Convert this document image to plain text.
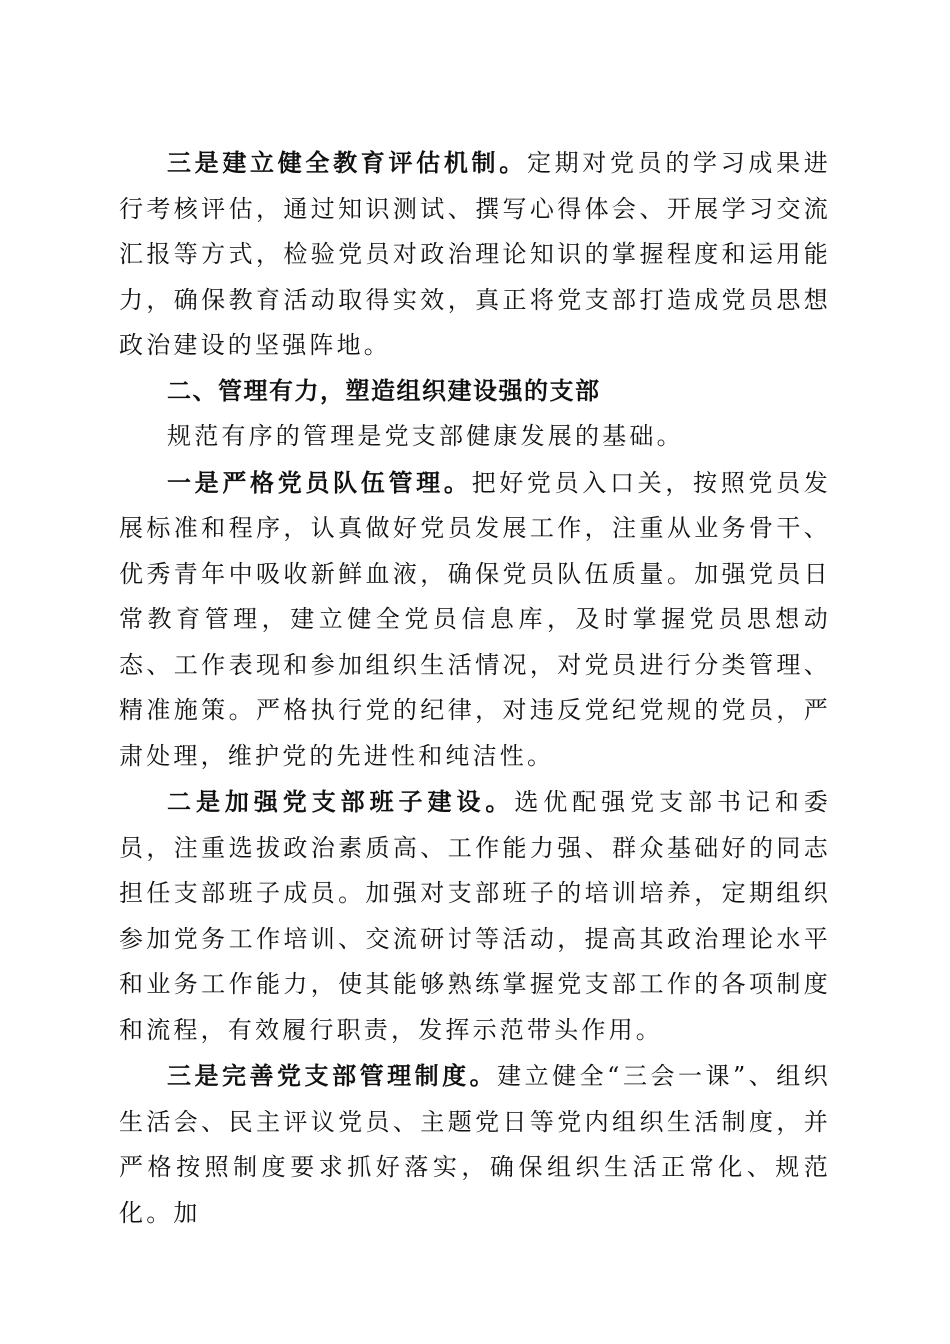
三是建立健全教育评估机制。定期对党员的学习成果进行考核评估，通过知识测试、撰写心得体会、开展学习交流汇报等方式，检验党员对政治理论知识的掌握程度和运用能力，确保教育活动取得实效，真正将党支部打造成党员思想政治建设的坚强阵地。

二、管理有力，塑造组织建设强的支部

规范有序的管理是党支部健康发展的基础。

一是严格党员队伍管理。把好党员入口关，按照党员发展标准和程序，认真做好党员发展工作，注重从业务骨干、优秀青年中吸收新鲜血液，确保党员队伍质量。加强党员日常教育管理，建立健全党员信息库，及时掌握党员思想动态、工作表现和参加组织生活情况，对党员进行分类管理、精准施策。严格执行党的纪律，对违反党纪党规的党员，严肃处理，维护党的先进性和纯洁性。

二是加强党支部班子建设。选优配强党支部书记和委员，注重选拔政治素质高、工作能力强、群众基础好的同志担任支部班子成员。加强对支部班子的培训培养，定期组织参加党务工作培训、交流研讨等活动，提高其政治理论水平和业务工作能力，使其能够熟练掌握党支部工作的各项制度和流程，有效履行职责，发挥示范带头作用。

三是完善党支部管理制度。建立健全“三会一课”、组织生活会、民主评议党员、主题党日等党内组织生活制度，并严格按照制度要求抓好落实，确保组织生活正常化、规范化。加
